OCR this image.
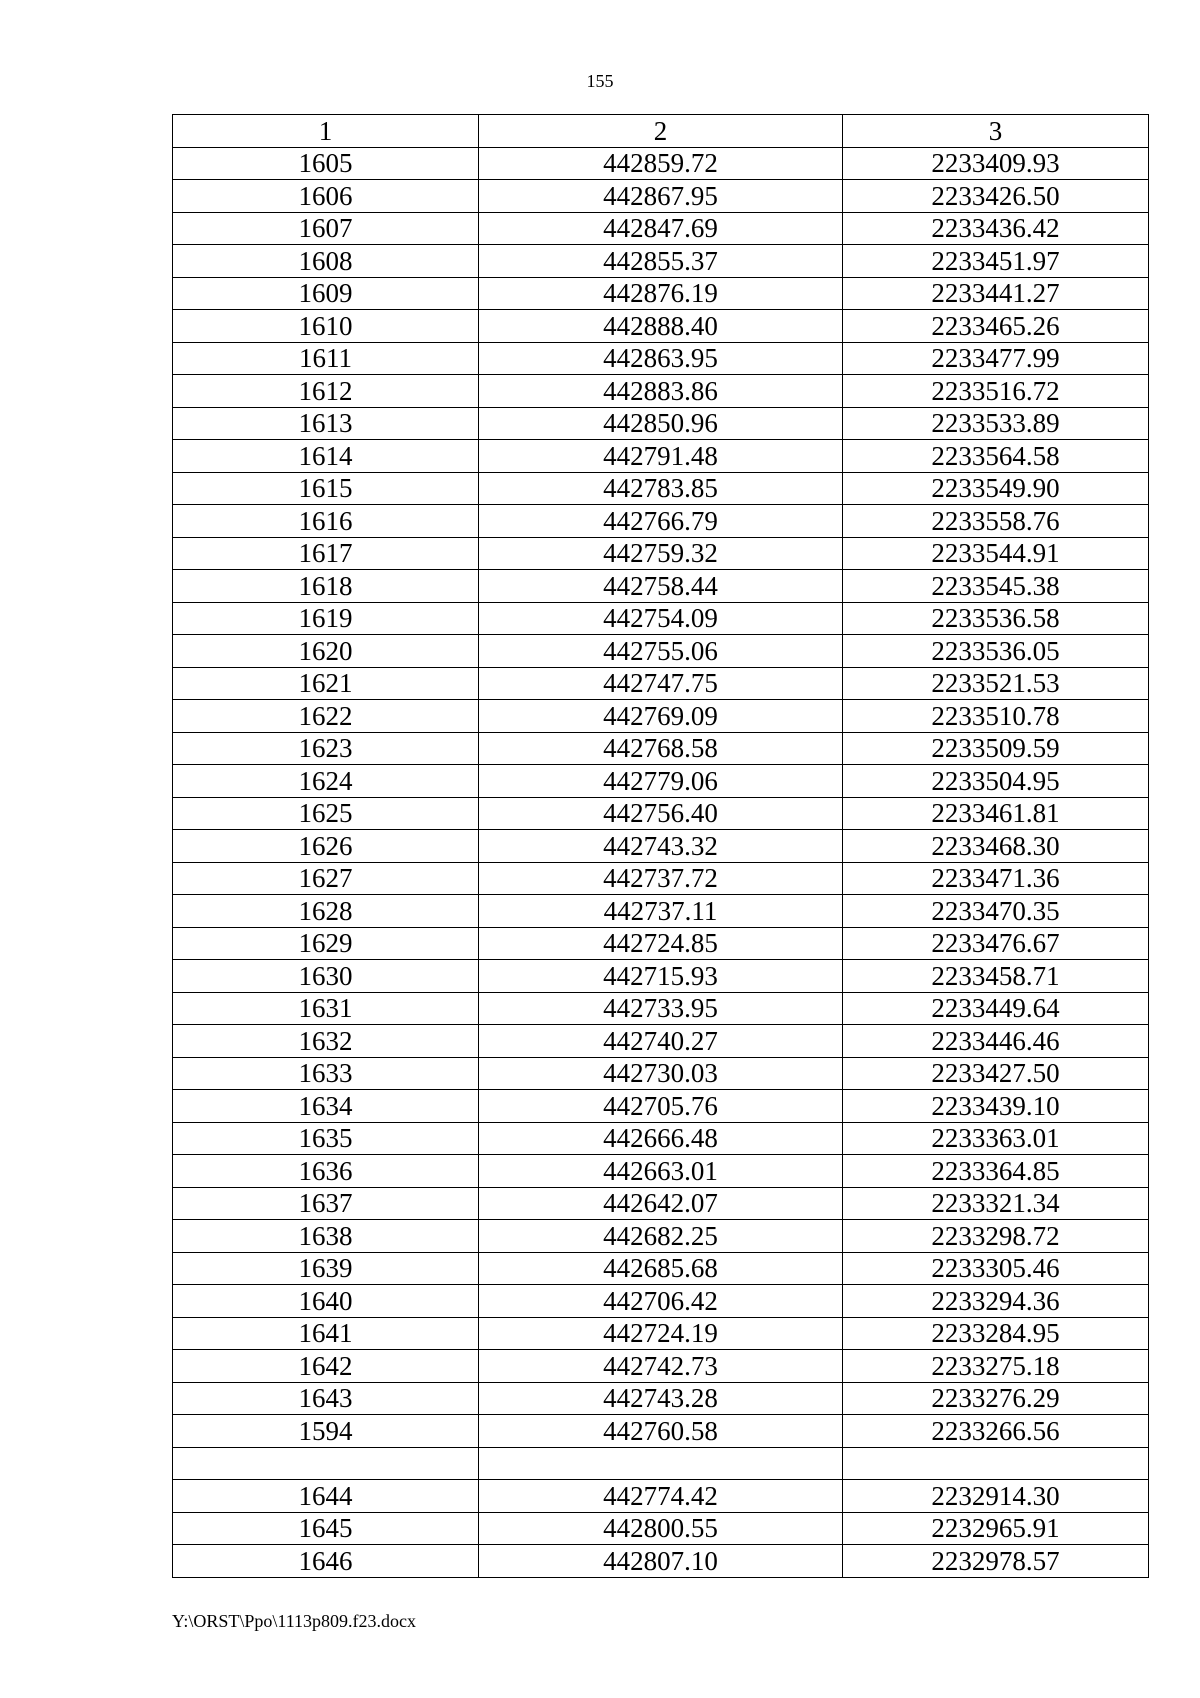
155
1	2	3
1605	442859.72	2233409.93
1606	442867.95	2233426.50
1607	442847.69	2233436.42
1608	442855.37	2233451.97
1609	442876.19	2233441.27
1610	442888.40	2233465.26
1611	442863.95	2233477.99
1612	442883.86	2233516.72
1613	442850.96	2233533.89
1614	442791.48	2233564.58
1615	442783.85	2233549.90
1616	442766.79	2233558.76
1617	442759.32	2233544.91
1618	442758.44	2233545.38
1619	442754.09	2233536.58
1620	442755.06	2233536.05
1621	442747.75	2233521.53
1622	442769.09	2233510.78
1623	442768.58	2233509.59
1624	442779.06	2233504.95
1625	442756.40	2233461.81
1626	442743.32	2233468.30
1627	442737.72	2233471.36
1628	442737.11	2233470.35
1629	442724.85	2233476.67
1630	442715.93	2233458.71
1631	442733.95	2233449.64
1632	442740.27	2233446.46
1633	442730.03	2233427.50
1634	442705.76	2233439.10
1635	442666.48	2233363.01
1636	442663.01	2233364.85
1637	442642.07	2233321.34
1638	442682.25	2233298.72
1639	442685.68	2233305.46
1640	442706.42	2233294.36
1641	442724.19	2233284.95
1642	442742.73	2233275.18
1643	442743.28	2233276.29
1594	442760.58	2233266.56

1644	442774.42	2232914.30
1645	442800.55	2232965.91
1646	442807.10	2232978.57
Y:\ORST\Ppo\1113p809.f23.docx
